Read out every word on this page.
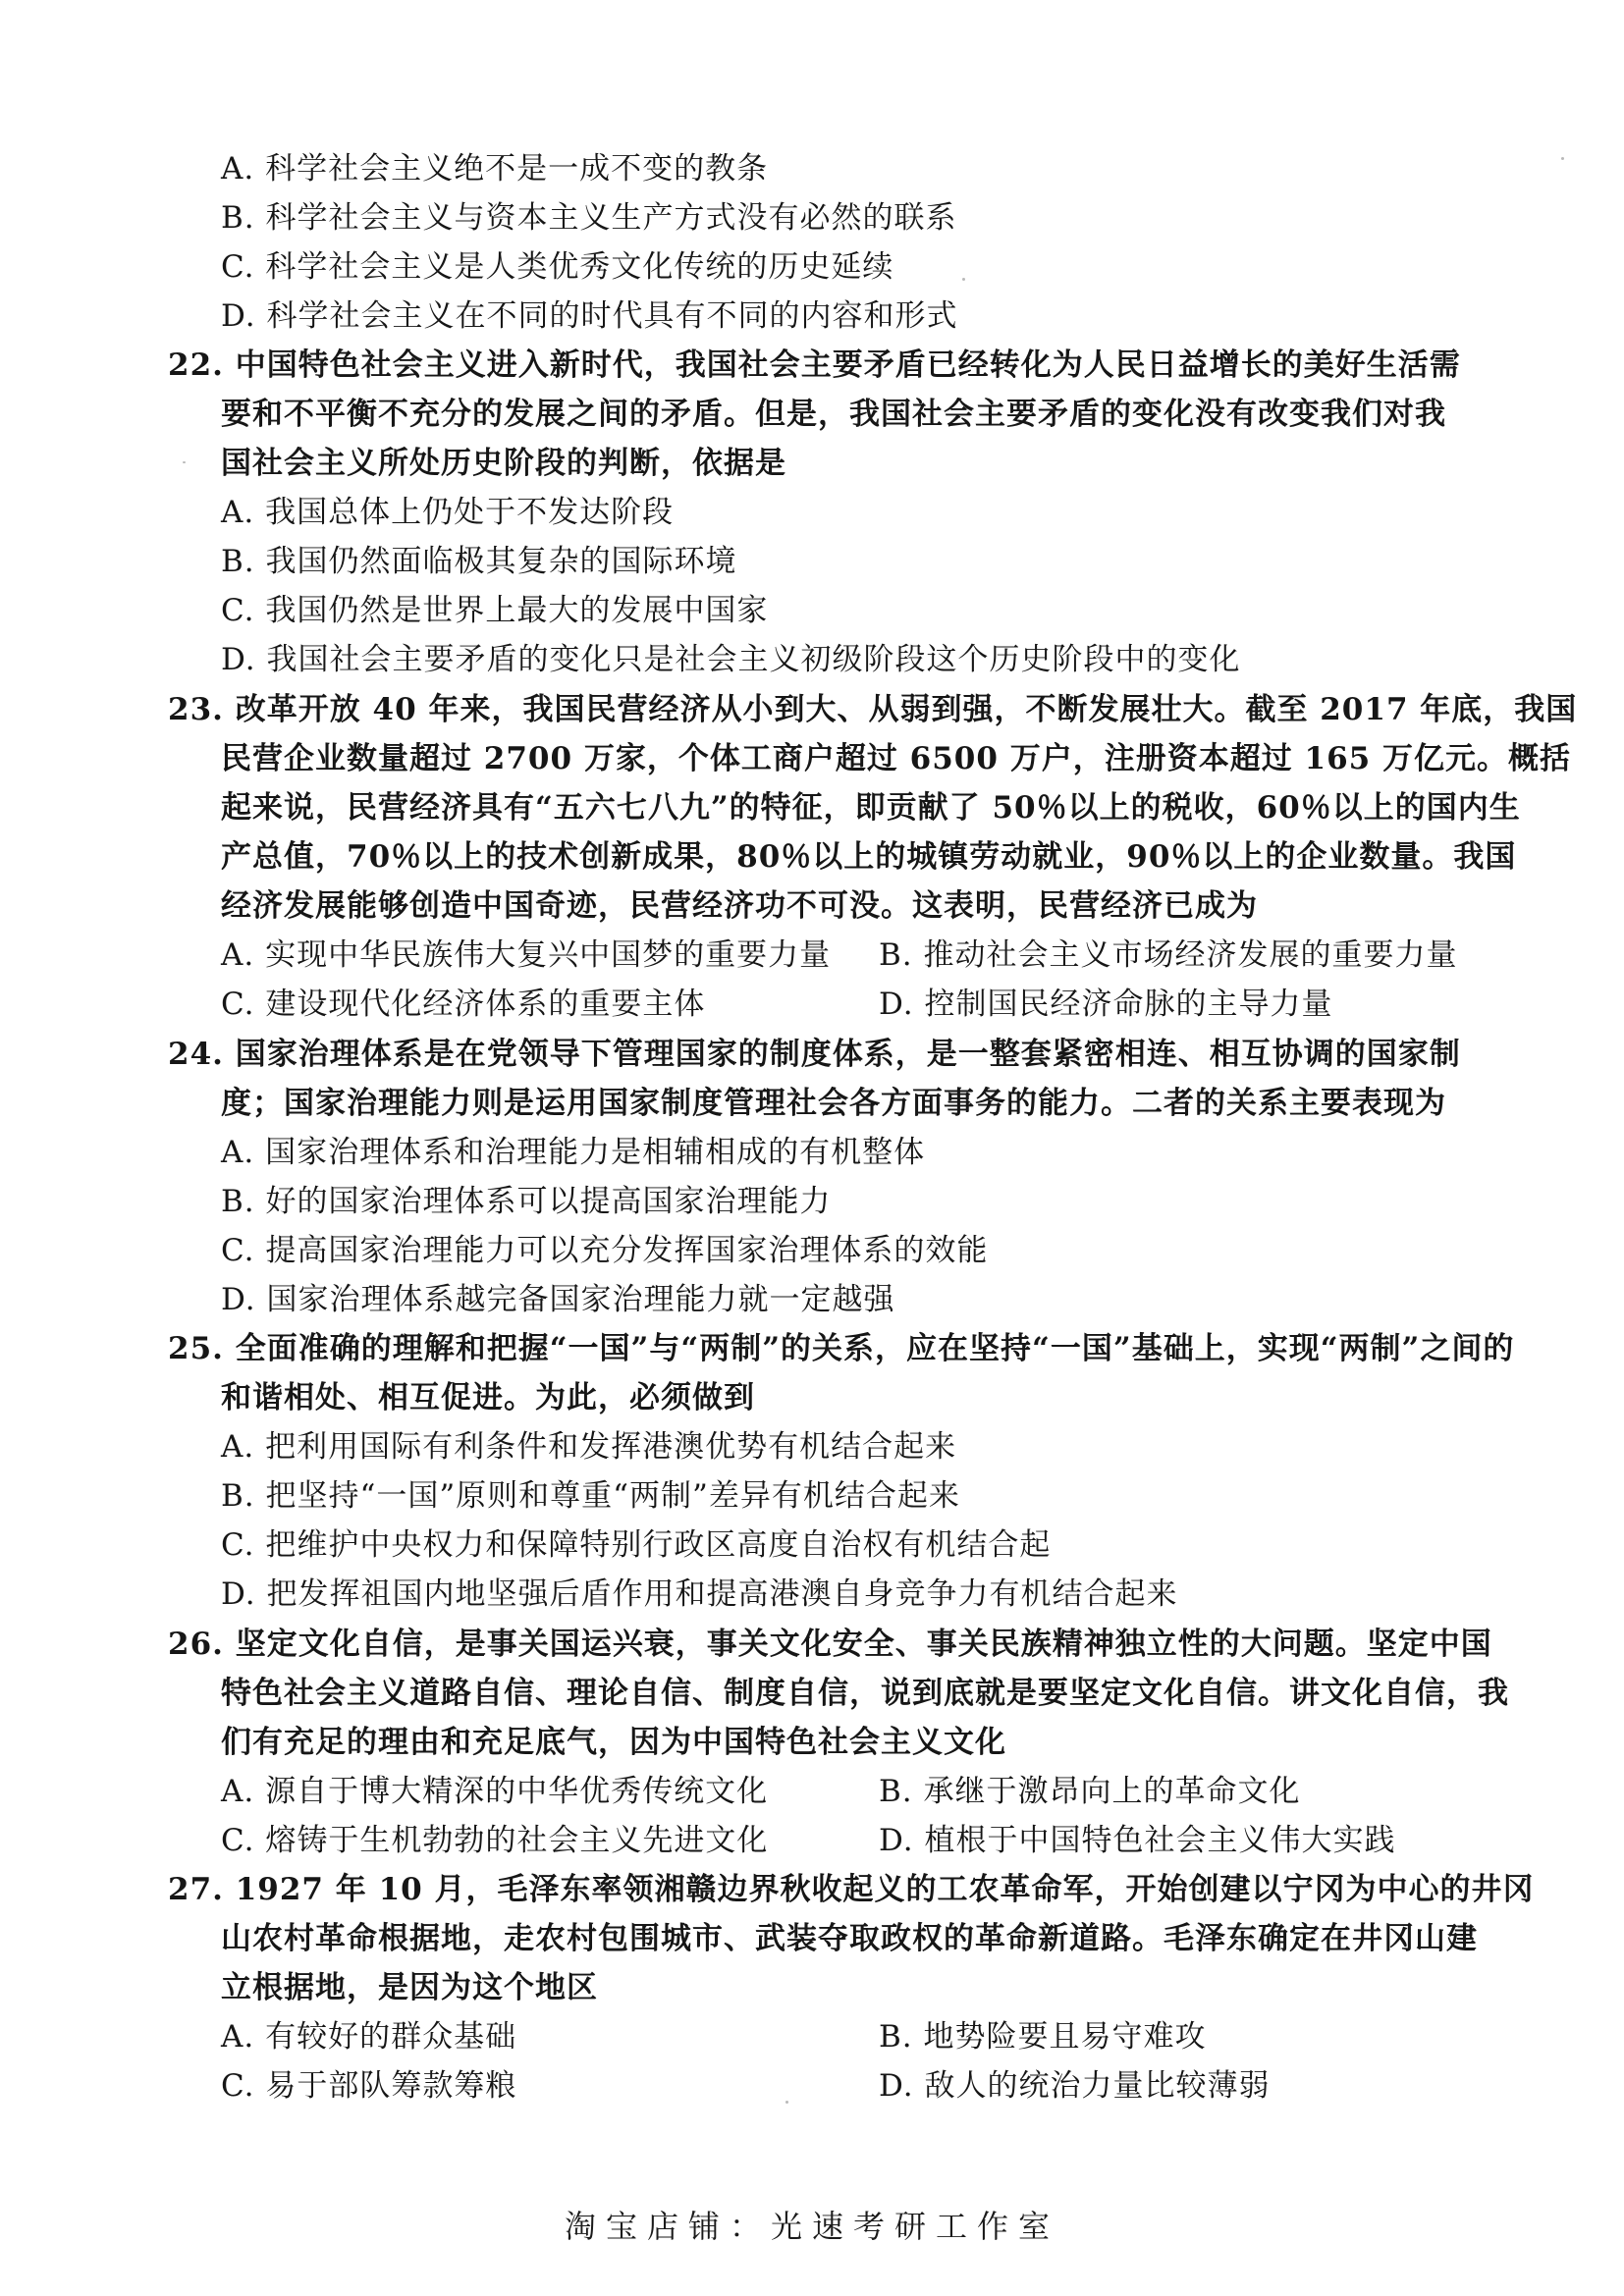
A. 科学社会主义绝不是一成不变的教条
B. 科学社会主义与资本主义生产方式没有必然的联系
C. 科学社会主义是人类优秀文化传统的历史延续
D. 科学社会主义在不同的时代具有不同的内容和形式
22. 中国特色社会主义进入新时代，我国社会主要矛盾已经转化为人民日益增长的美好生活需
要和不平衡不充分的发展之间的矛盾。但是，我国社会主要矛盾的变化没有改变我们对我
国社会主义所处历史阶段的判断，依据是
A. 我国总体上仍处于不发达阶段
B. 我国仍然面临极其复杂的国际环境
C. 我国仍然是世界上最大的发展中国家
D. 我国社会主要矛盾的变化只是社会主义初级阶段这个历史阶段中的变化
23. 改革开放 40 年来，我国民营经济从小到大、从弱到强，不断发展壮大。截至 2017 年底，我国
民营企业数量超过 2700 万家，个体工商户超过 6500 万户，注册资本超过 165 万亿元。概括
起来说，民营经济具有“五六七八九”的特征，即贡献了 50％以上的税收，60％以上的国内生
产总值，70％以上的技术创新成果，80％以上的城镇劳动就业，90％以上的企业数量。我国
经济发展能够创造中国奇迹，民营经济功不可没。这表明，民营经济已成为
A. 实现中华民族伟大复兴中国梦的重要力量 B. 推动社会主义市场经济发展的重要力量
C. 建设现代化经济体系的重要主体	D. 控制国民经济命脉的主导力量
24. 国家治理体系是在党领导下管理国家的制度体系，是一整套紧密相连、相互协调的国家制
度；国家治理能力则是运用国家制度管理社会各方面事务的能力。二者的关系主要表现为
A. 国家治理体系和治理能力是相辅相成的有机整体
B. 好的国家治理体系可以提高国家治理能力
C. 提高国家治理能力可以充分发挥国家治理体系的效能
D. 国家治理体系越完备国家治理能力就一定越强
25. 全面准确的理解和把握“一国”与“两制”的关系，应在坚持“一国”基础上，实现“两制”之间的
和谐相处、相互促进。为此，必须做到
A. 把利用国际有利条件和发挥港澳优势有机结合起来
B. 把坚持“一国”原则和尊重“两制”差异有机结合起来
C. 把维护中央权力和保障特别行政区高度自治权有机结合起
D. 把发挥祖国内地坚强后盾作用和提高港澳自身竞争力有机结合起来
26. 坚定文化自信，是事关国运兴衰，事关文化安全、事关民族精神独立性的大问题。坚定中国
特色社会主义道路自信、理论自信、制度自信，说到底就是要坚定文化自信。讲文化自信，我
们有充足的理由和充足底气，因为中国特色社会主义文化
A. 源自于博大精深的中华优秀传统文化	B. 承继于激昂向上的革命文化
C. 熔铸于生机勃勃的社会主义先进文化	D. 植根于中国特色社会主义伟大实践
27. 1927 年 10 月，毛泽东率领湘赣边界秋收起义的工农革命军，开始创建以宁冈为中心的井冈
山农村革命根据地，走农村包围城市、武装夺取政权的革命新道路。毛泽东确定在井冈山建
立根据地，是因为这个地区
A. 有较好的群众基础	B. 地势险要且易守难攻
C. 易于部队筹款筹粮	D. 敌人的统治力量比较薄弱
淘宝店铺：光速考研工作室
